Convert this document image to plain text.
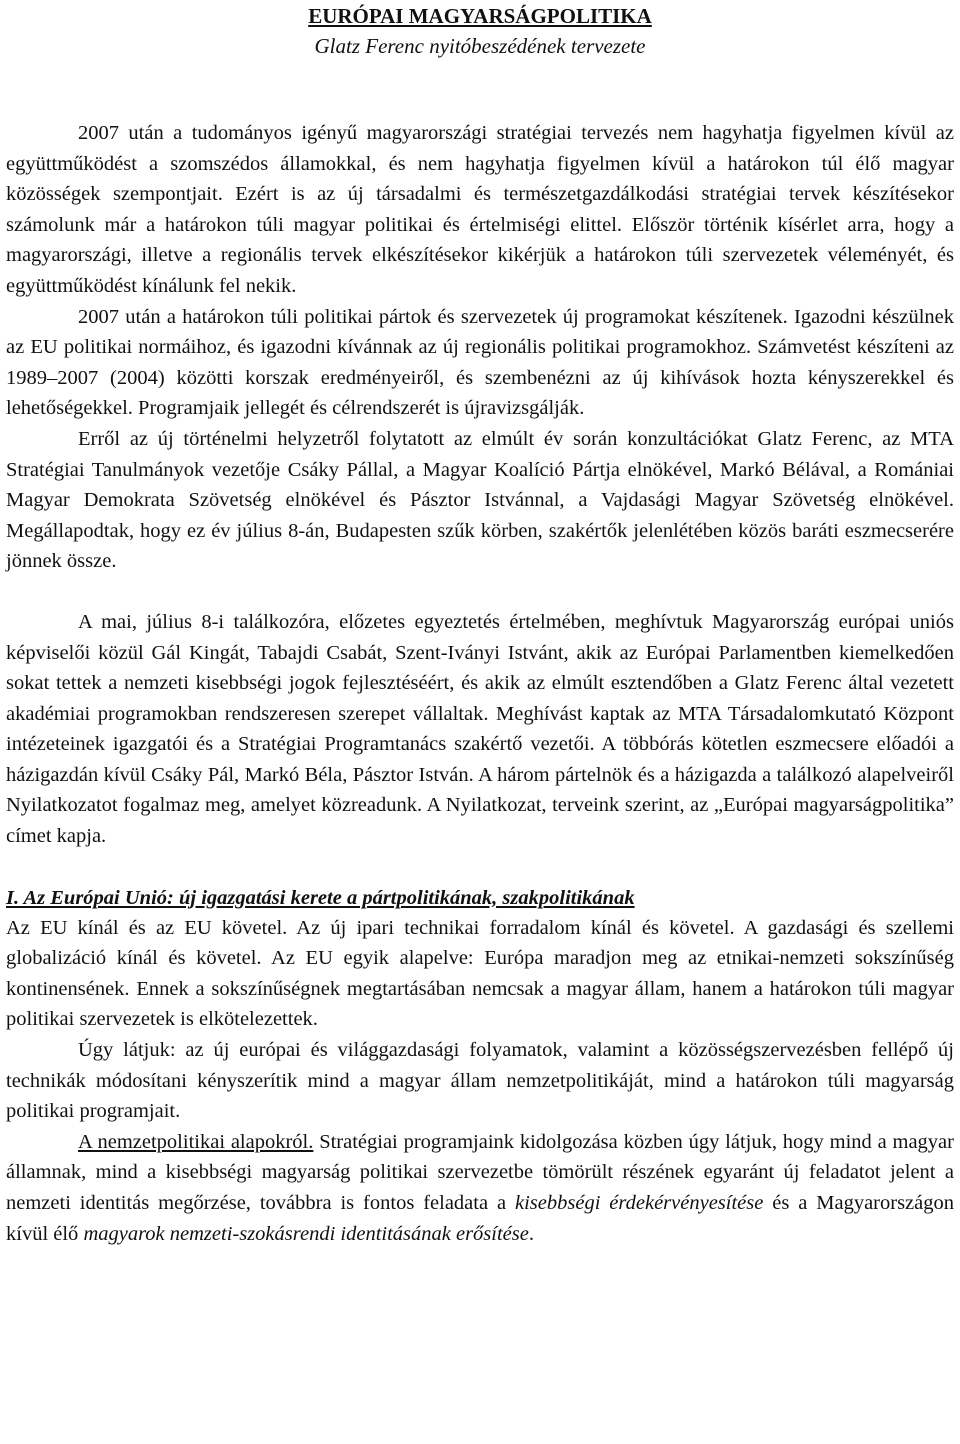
EURÓPAI MAGYARSÁGPOLITIKA
Glatz Ferenc nyitóbeszédének tervezete

2007 után a tudományos igényű magyarországi stratégiai tervezés nem hagyhatja figyelmen kívül az együttműködést a szomszédos államokkal, és nem hagyhatja figyelmen kívül a határokon túl élő magyar közösségek szempontjait. Ezért is az új társadalmi és természetgazdálkodási stratégiai tervek készítésekor számolunk már a határokon túli magyar politikai és értelmiségi elittel. Először történik kísérlet arra, hogy a magyarországi, illetve a regionális tervek elkészítésekor kikérjük a határokon túli szervezetek véleményét, és együttműködést kínálunk fel nekik.

2007 után a határokon túli politikai pártok és szervezetek új programokat készítenek. Igazodni készülnek az EU politikai normáihoz, és igazodni kívánnak az új regionális politikai programokhoz. Számvetést készíteni az 1989–2007 (2004) közötti korszak eredményeiről, és szembenézni az új kihívások hozta kényszerekkel és lehetőségekkel. Programjaik jellegét és célrendszerét is újravizsgálják.

Erről az új történelmi helyzetről folytatott az elmúlt év során konzultációkat Glatz Ferenc, az MTA Stratégiai Tanulmányok vezetője Csáky Pállal, a Magyar Koalíció Pártja elnökével, Markó Bélával, a Romániai Magyar Demokrata Szövetség elnökével és Pásztor Istvánnal, a Vajdasági Magyar Szövetség elnökével. Megállapodtak, hogy ez év július 8-án, Budapesten szűk körben, szakértők jelenlétében közös baráti eszmecserére jönnek össze.

A mai, július 8-i találkozóra, előzetes egyeztetés értelmében, meghívtuk Magyarország európai uniós képviselői közül Gál Kingát, Tabajdi Csabát, Szent-Iványi Istvánt, akik az Európai Parlamentben kiemelkedően sokat tettek a nemzeti kisebbségi jogok fejlesztéséért, és akik az elmúlt esztendőben a Glatz Ferenc által vezetett akadémiai programokban rendszeresen szerepet vállaltak. Meghívást kaptak az MTA Társadalomkutató Központ intézeteinek igazgatói és a Stratégiai Programtanács szakértő vezetői. A többórás kötetlen eszmecsere előadói a házigazdán kívül Csáky Pál, Markó Béla, Pásztor István. A három pártelnök és a házigazda a találkozó alapelveiről Nyilatkozatot fogalmaz meg, amelyet közreadunk. A Nyilatkozat, terveink szerint, az „Európai magyarságpolitika” címet kapja.

I. Az Európai Unió: új igazgatási kerete a pártpolitikának, szakpolitikának

Az EU kínál és az EU követel. Az új ipari technikai forradalom kínál és követel. A gazdasági és szellemi globalizáció kínál és követel. Az EU egyik alapelve: Európa maradjon meg az etnikai-nemzeti sokszínűség kontinensének. Ennek a sokszínűségnek megtartásában nemcsak a magyar állam, hanem a határokon túli magyar politikai szervezetek is elkötelezettek.

Úgy látjuk: az új európai és világgazdasági folyamatok, valamint a közösségszervezésben fellépő új technikák módosítani kényszerítik mind a magyar állam nemzetpolitikáját, mind a határokon túli magyarság politikai programjait.

A nemzetpolitikai alapokról. Stratégiai programjaink kidolgozása közben úgy látjuk, hogy mind a magyar államnak, mind a kisebbségi magyarság politikai szervezetbe tömörült részének egyaránt új feladatot jelent a nemzeti identitás megőrzése, továbbra is fontos feladata a kisebbségi érdekérvényesítése és a Magyarországon kívül élő magyarok nemzeti-szokásrendi identitásának erősítése.
